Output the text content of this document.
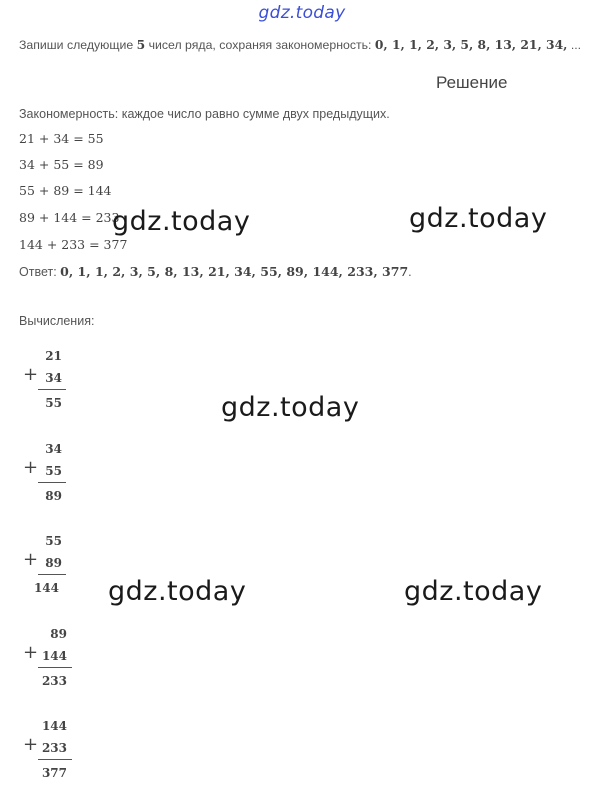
gdz.today
Запиши следующие 5 чисел ряда, сохраняя закономерность: 0, 1, 1, 2, 3, 5, 8, 13, 21, 34, ...
Решение
Закономерность: каждое число равно сумме двух предыдущих.
21 + 34 = 55
34 + 55 = 89
55 + 89 = 144
89 + 144 = 233
144 + 233 = 377
Ответ: 0, 1, 1, 2, 3, 5, 8, 13, 21, 34, 55, 89, 144, 233, 377.
Вычисления:
+
21
34
55
+
34
55
89
+
55
89
144
+
89
144
233
+
144
233
377
gdz.today	gdz.today
gdz.today
gdz.today	gdz.today
